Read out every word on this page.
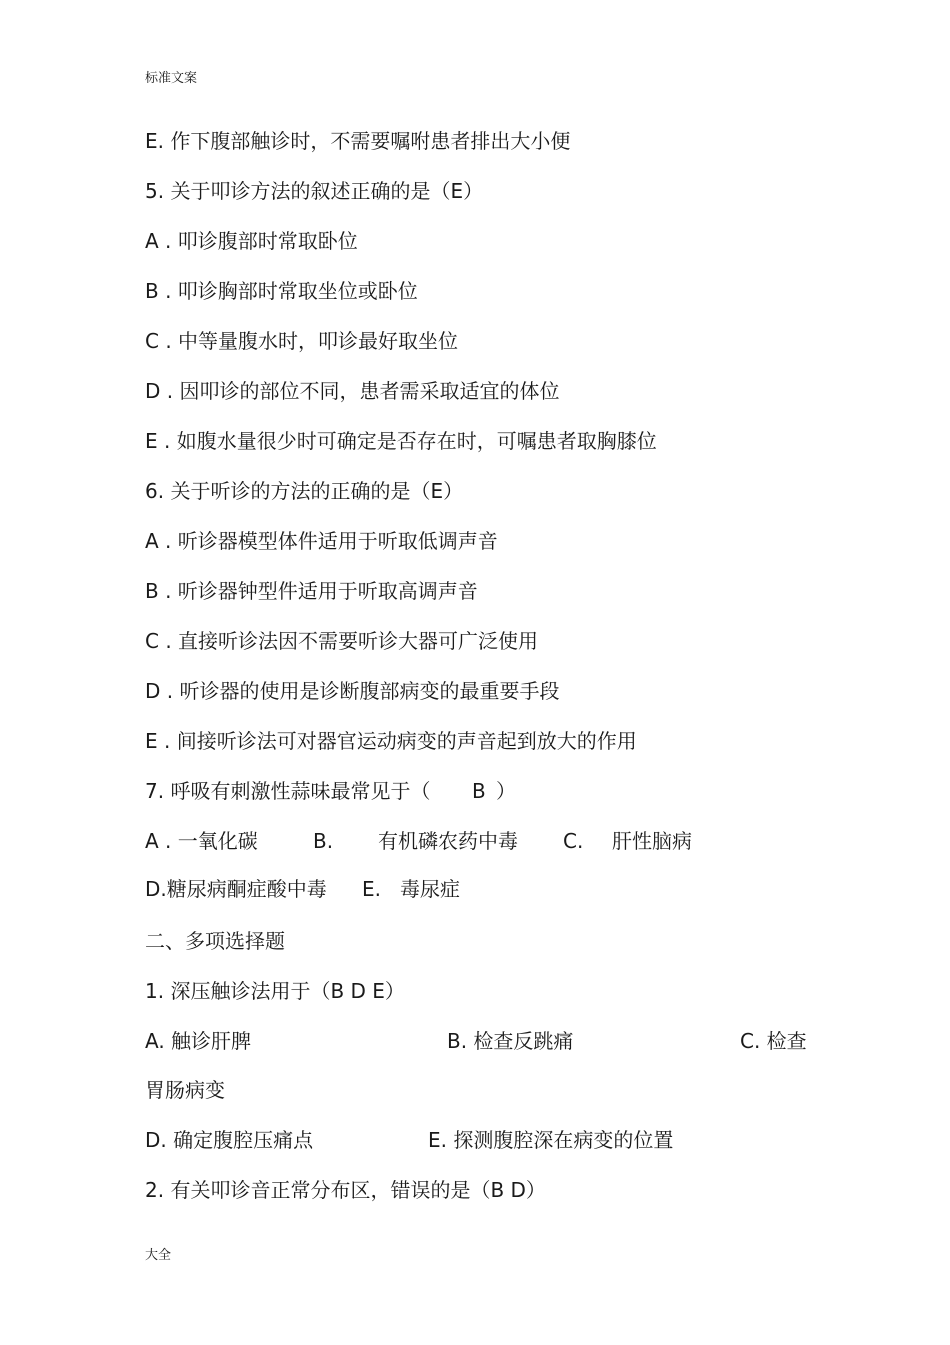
标准文案
E. 作下腹部触诊时，不需要嘱咐患者排出大小便
5. 关于叩诊方法的叙述正确的是（E）
A . 叩诊腹部时常取卧位
B . 叩诊胸部时常取坐位或卧位
C . 中等量腹水时，叩诊最好取坐位
D . 因叩诊的部位不同，患者需采取适宜的体位
E . 如腹水量很少时可确定是否存在时，可嘱患者取胸膝位
6. 关于听诊的方法的正确的是（E）
A . 听诊器模型体件适用于听取低调声音
B . 听诊器钟型件适用于听取高调声音
C . 直接听诊法因不需要听诊大器可广泛使用
D . 听诊器的使用是诊断腹部病变的最重要手段
E . 间接听诊法可对器官运动病变的声音起到放大的作用
7. 呼吸有刺激性蒜味最常见于（ B ）
A . 一氧化碳	B. 有机磷农药中毒 C. 肝性脑病
D.糖尿病酮症酸中毒 E. 毒尿症
二、多项选择题
1. 深压触诊法用于（B D E）
A. 触诊肝脾	B. 检查反跳痛	C. 检查
胃肠病变
D. 确定腹腔压痛点	E. 探测腹腔深在病变的位置
2. 有关叩诊音正常分布区，错误的是（B D）
大全
